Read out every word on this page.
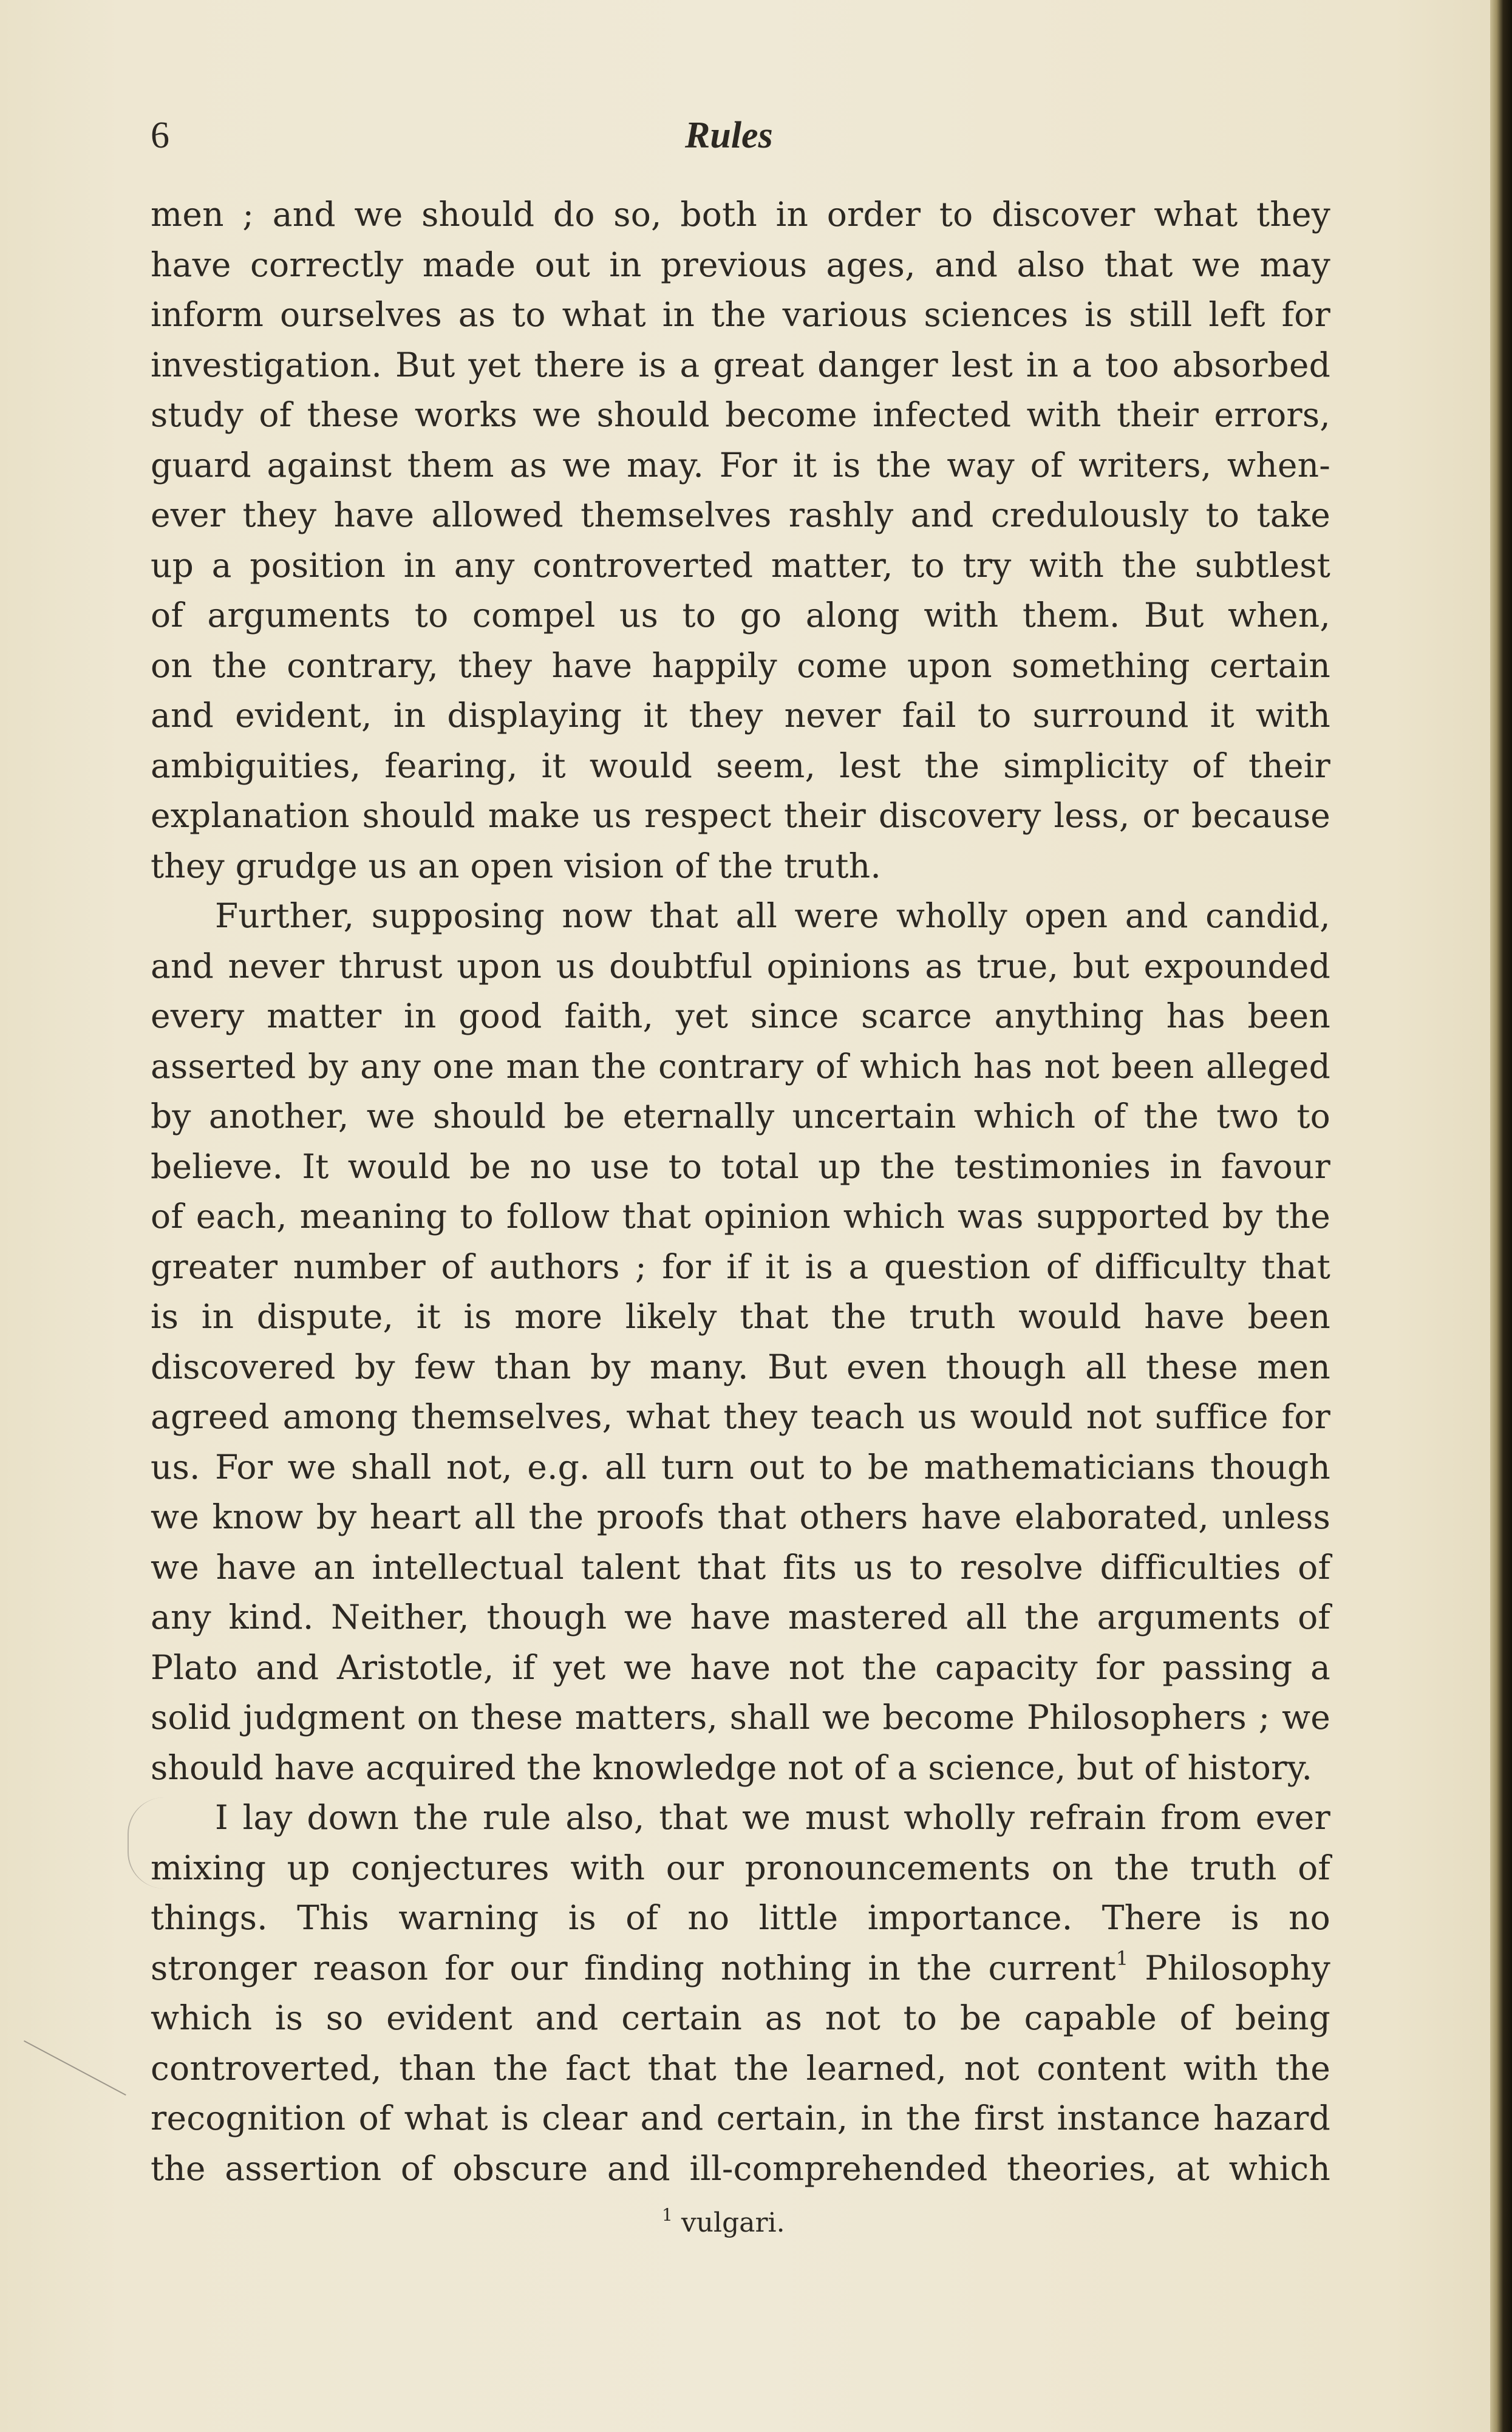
6	Rules
men ; and we should do so, both in order to discover what they
have correctly made out in previous ages, and also that we may
inform ourselves as to what in the various sciences is still left for
investigation. But yet there is a great danger lest in a too absorbed
study of these works we should become infected with their errors,
guard against them as we may. For it is the way of writers, when-
ever they have allowed themselves rashly and credulously to take
up a position in any controverted matter, to try with the subtlest
of arguments to compel us to go along with them. But when,
on the contrary, they have happily come upon something certain
and evident, in displaying it they never fail to surround it with
ambiguities, fearing, it would seem, lest the simplicity of their
explanation should make us respect their discovery less, or because
they grudge us an open vision of the truth.
Further, supposing now that all were wholly open and candid,
and never thrust upon us doubtful opinions as true, but expounded
every matter in good faith, yet since scarce anything has been
asserted by any one man the contrary of which has not been alleged
by another, we should be eternally uncertain which of the two to
believe. It would be no use to total up the testimonies in favour
of each, meaning to follow that opinion which was supported by the
greater number of authors ; for if it is a question of difficulty that
is in dispute, it is more likely that the truth would have been
discovered by few than by many. But even though all these men
agreed among themselves, what they teach us would not suffice for
us. For we shall not, e.g. all turn out to be mathematicians though
we know by heart all the proofs that others have elaborated, unless
we have an intellectual talent that fits us to resolve difficulties of
any kind. Neither, though we have mastered all the arguments of
Plato and Aristotle, if yet we have not the capacity for passing a
solid judgment on these matters, shall we become Philosophers ; we
should have acquired the knowledge not of a science, but of history.
I lay down the rule also, that we must wholly refrain from ever
mixing up conjectures with our pronouncements on the truth of
things. This warning is of no little importance. There is no
stronger reason for our finding nothing in the current$^1$ Philosophy
which is so evident and certain as not to be capable of being
controverted, than the fact that the learned, not content with the
recognition of what is clear and certain, in the first instance hazard
the assertion of obscure and ill-comprehended theories, at which
$^1$ vulgari.
